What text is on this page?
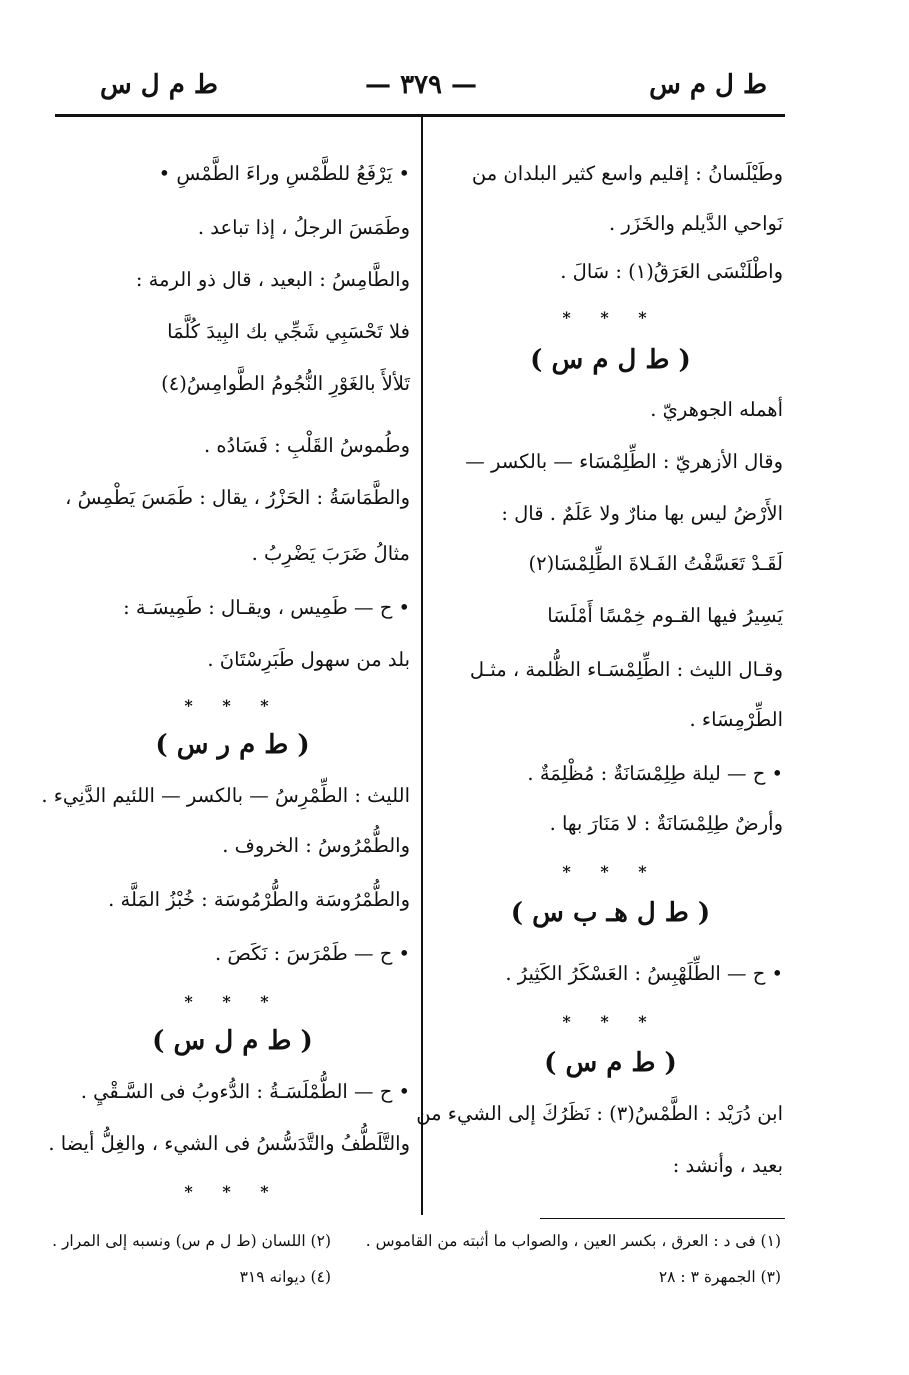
ط ل م س
— ٣٧٩ —
ط م ل س
وطَيْلَسانُ : إقليم واسع كثير البلدان من
نَواحي الدَّيلم والخَزَر .
واطْلَنْسَى العَرَقُ(١) : سَالَ .
* * *
( ط ل م س )
أهمله الجوهريّ .
وقال الأزهريّ : الطِّلِمْسَاء — بالكسر —
الأَرْضُ ليس بها منارٌ ولا عَلَمٌ . قال :
لَقَـدْ تَعَسَّفْتُ الفَـلاةَ الطِّلِمْسَا(٢)
يَسِيرُ فيها القـوم خِمْسًا أَمْلَسَا
وقـال الليث : الطِّلِمْسَـاء الظُّلمة ، مثـل
الطِّرْمِسَاء .
• ح — ليلة طِلِمْسَانَةٌ : مُظْلِمَةٌ .
وأرضٌ طِلِمْسَانَةٌ : لا مَنَارَ بها .
* * *
( ط ل هـ ب س )
• ح — الطِّلَهْبِسُ : العَسْكَرُ الكَثِيرُ .
* * *
( ط م س )
ابن دُرَيْد : الطَّمْسُ(٣) : نَظَرُكَ إلى الشيء من
بعيد ، وأنشد :
• يَرْفَعُ للطَّمْسِ وراءَ الطَّمْسِ •
وطَمَسَ الرجلُ ، إذا تباعد .
والطَّامِسُ : البعيد ، قال ذو الرمة :
فلا تَحْسَبِي شَجِّي بك البِيدَ كُلَّمَا
تَلألأَ بالغَوْرِ النُّجُومُ الطَّوامِسُ(٤)
وطُموسُ القَلْبِ : فَسَادُه .
والطَّمَاسَةُ : الحَزْرُ ، يقال : طَمَسَ يَطْمِسُ ،
مثالُ ضَرَبَ يَضْرِبُ .
• ح — طَمِيس ، ويقـال : طَمِيسَـة :
بلد من سهول طَبَرِسْتَانَ .
* * *
( ط م ر س )
الليث : الطِّمْرِسُ — بالكسر — اللئيم الدَّنِيء .
والطُّمْرُوسُ : الخروف .
والطُّمْرُوسَة والطُّرْمُوسَة : خُبْزُ المَلَّة .
• ح — طَمْرَسَ : نَكَصَ .
* * *
( ط م ل س )
• ح — الطُّمْلَسَـةُ : الدُّءوبُ فى السَّـقْيِ .
والتَّلَطُّفُ والتَّدَسُّسُ فى الشيء ، والغِلُّ أيضا .
* * *
(١) فى د : العرق ، بكسر العين ، والصواب ما أثبته من القاموس .
(٢) اللسان (ط ل م س) ونسبه إلى المرار .
(٣) الجمهرة ٣ : ٢٨
(٤) ديوانه ٣١٩
